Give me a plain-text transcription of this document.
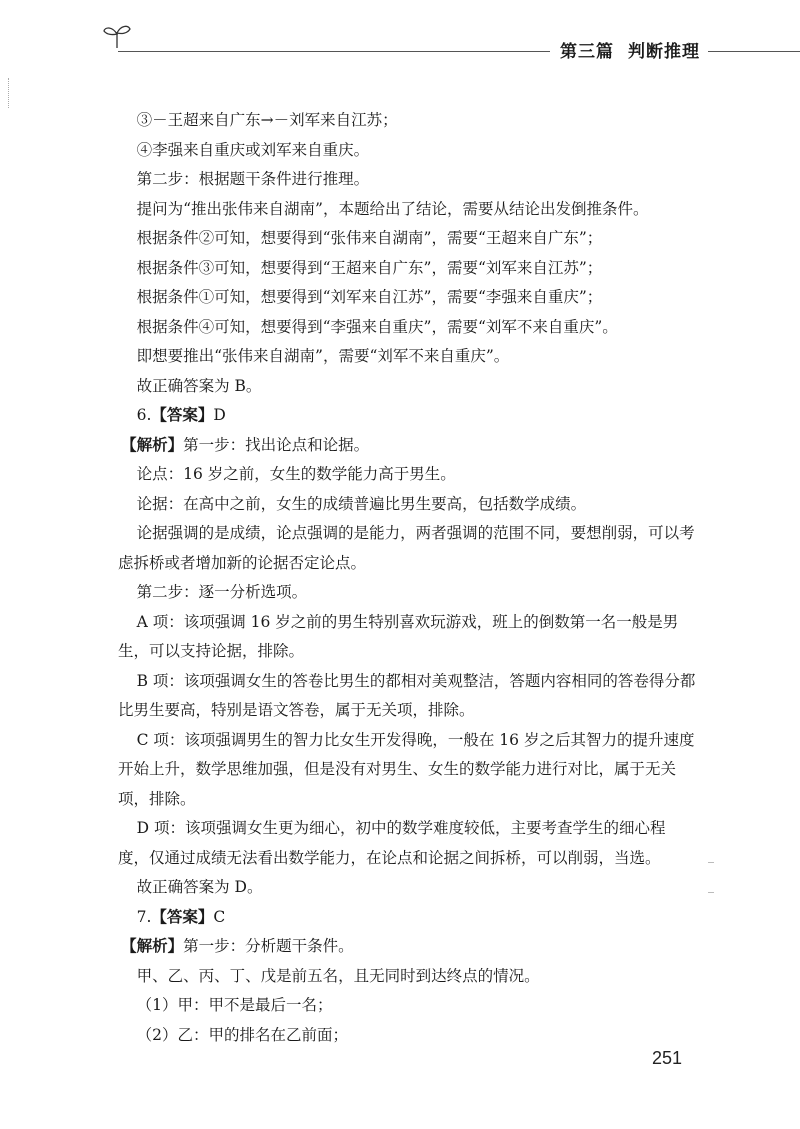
第三篇 判断推理

③－王超来自广东→－刘军来自江苏；

④李强来自重庆或刘军来自重庆。

第二步：根据题干条件进行推理。

提问为“推出张伟来自湖南”，本题给出了结论，需要从结论出发倒推条件。

根据条件②可知，想要得到“张伟来自湖南”，需要“王超来自广东”；

根据条件③可知，想要得到“王超来自广东”，需要“刘军来自江苏”；

根据条件①可知，想要得到“刘军来自江苏”，需要“李强来自重庆”；

根据条件④可知，想要得到“李强来自重庆”，需要“刘军不来自重庆”。

即想要推出“张伟来自湖南”，需要“刘军不来自重庆”。

故正确答案为 B。

6.【答案】D

【解析】第一步：找出论点和论据。

论点：16 岁之前，女生的数学能力高于男生。

论据：在高中之前，女生的成绩普遍比男生要高，包括数学成绩。

论据强调的是成绩，论点强调的是能力，两者强调的范围不同，要想削弱，可以考虑拆桥或者增加新的论据否定论点。

第二步：逐一分析选项。

A 项：该项强调 16 岁之前的男生特别喜欢玩游戏，班上的倒数第一名一般是男生，可以支持论据，排除。

B 项：该项强调女生的答卷比男生的都相对美观整洁，答题内容相同的答卷得分都比男生要高，特别是语文答卷，属于无关项，排除。

C 项：该项强调男生的智力比女生开发得晚，一般在 16 岁之后其智力的提升速度开始上升，数学思维加强，但是没有对男生、女生的数学能力进行对比，属于无关项，排除。

D 项：该项强调女生更为细心，初中的数学难度较低，主要考查学生的细心程度，仅通过成绩无法看出数学能力，在论点和论据之间拆桥，可以削弱，当选。

故正确答案为 D。

7.【答案】C

【解析】第一步：分析题干条件。

甲、乙、丙、丁、戊是前五名，且无同时到达终点的情况。

（1）甲：甲不是最后一名；

（2）乙：甲的排名在乙前面；

251
